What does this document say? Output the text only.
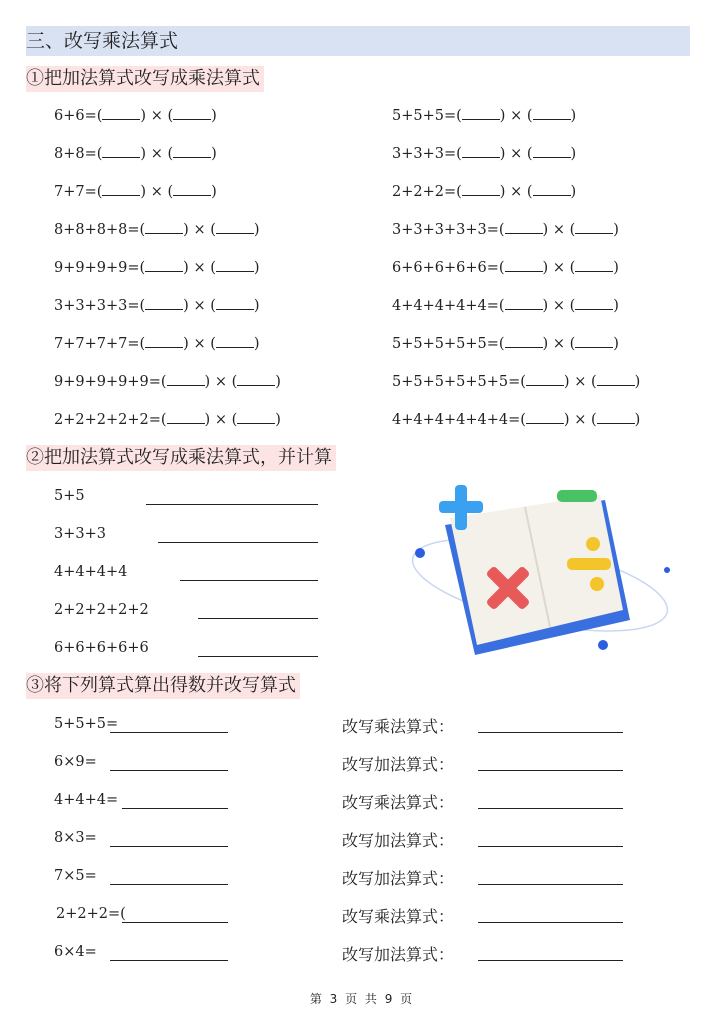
三、改写乘法算式
①把加法算式改写成乘法算式
6+6=(	) × (	)
8+8=(	) × (	)
7+7=(	) × (	)
8+8+8+8=(	) × (	)
9+9+9+9=(	) × (	)
3+3+3+3=(	) × (	)
7+7+7+7=(	) × (	)
9+9+9+9+9=(	) × (	)
2+2+2+2+2=(	) × (	)
5+5+5=(	) × (	)
3+3+3=(	) × (	)
2+2+2=(	) × (	)
3+3+3+3+3=(	) × (	)
6+6+6+6+6=(	) × (	)
4+4+4+4+4=(	) × (	)
5+5+5+5+5=(	) × (	)
5+5+5+5+5+5=(	) × (	)
4+4+4+4+4+4=(	) × (	)
②把加法算式改写成乘法算式，并计算
5+5
3+3+3
4+4+4+4
2+2+2+2+2
6+6+6+6+6
③将下列算式算出得数并改写算式
5+5+5=	改写乘法算式：
6×9=	改写加法算式：
4+4+4=	改写乘法算式：
8×3=	改写加法算式：
7×5=	改写加法算式：
2+2+2=(	改写乘法算式：
6×4=	改写加法算式：
第 3 页 共 9 页
